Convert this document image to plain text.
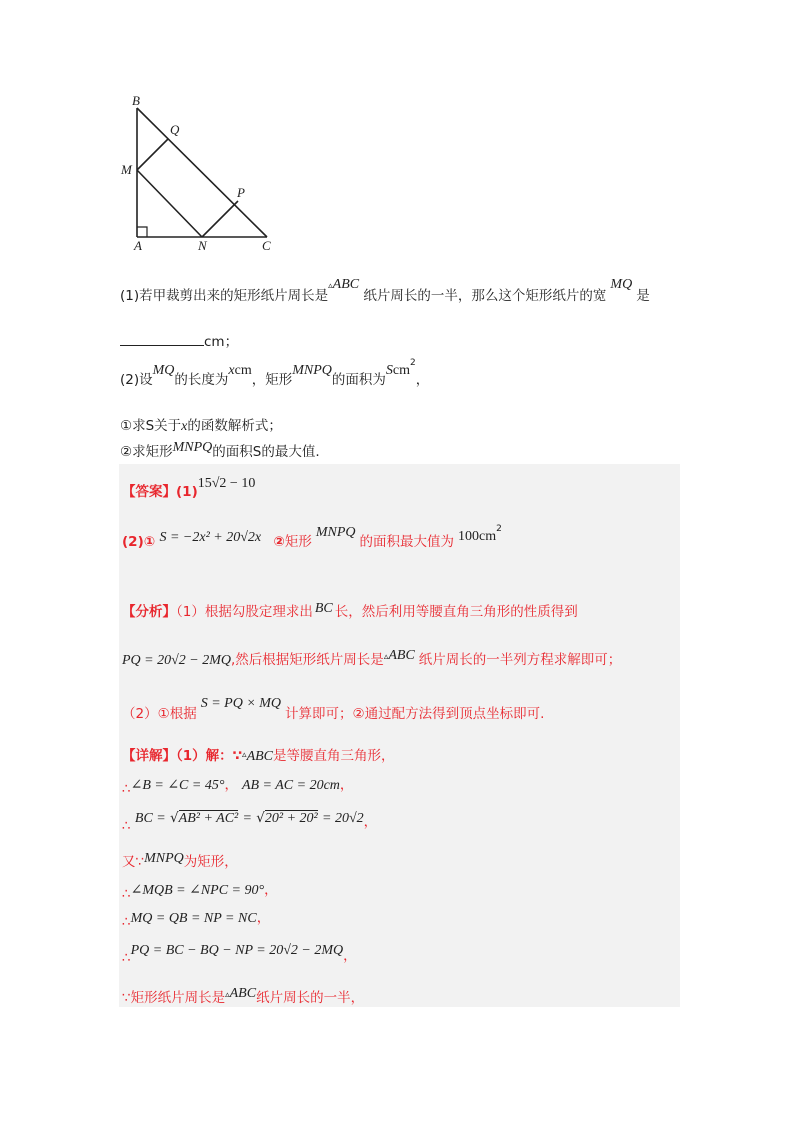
B
Q
M
P
A	N	C
(1)若甲裁剪出来的矩形纸片周长是▵ABC 纸片周长的一半，那么这个矩形纸片的宽MQ是
cm；
(2)设MQ的长度为xcm，矩形MNPQ的面积为Scm$^2$，
①求S关于x的函数解析式；
②求矩形MNPQ的面积S的最大值.
【答案】(1)15√2 − 10
(2)① S = −2x² + 20√2x ②矩形MNPQ的面积最大值为 $100cm^2$
【分析】（1）根据勾股定理求出 BC 长，然后利用等腰直角三角形的性质得到
PQ = 20√2 − 2MQ,然后根据矩形纸片周长是▵ABC 纸片周长的一半列方程求解即可；
（2）①根据S = PQ × MQ计算即可；②通过配方法得到顶点坐标即可.
【详解】（1）解：∵▵ABC是等腰直角三角形，
∴∠B = ∠C = 45°， AB = AC = 20cm，
∴ BC = √AB² + AC² = √20² + 20² = 20√2，
又∵MNPQ为矩形，
∴∠MQB = ∠NPC = 90°，
∴MQ = QB = NP = NC，
∴PQ = BC − BQ − NP = 20√2 − 2MQ，
∵矩形纸片周长是▵ABC纸片周长的一半，
